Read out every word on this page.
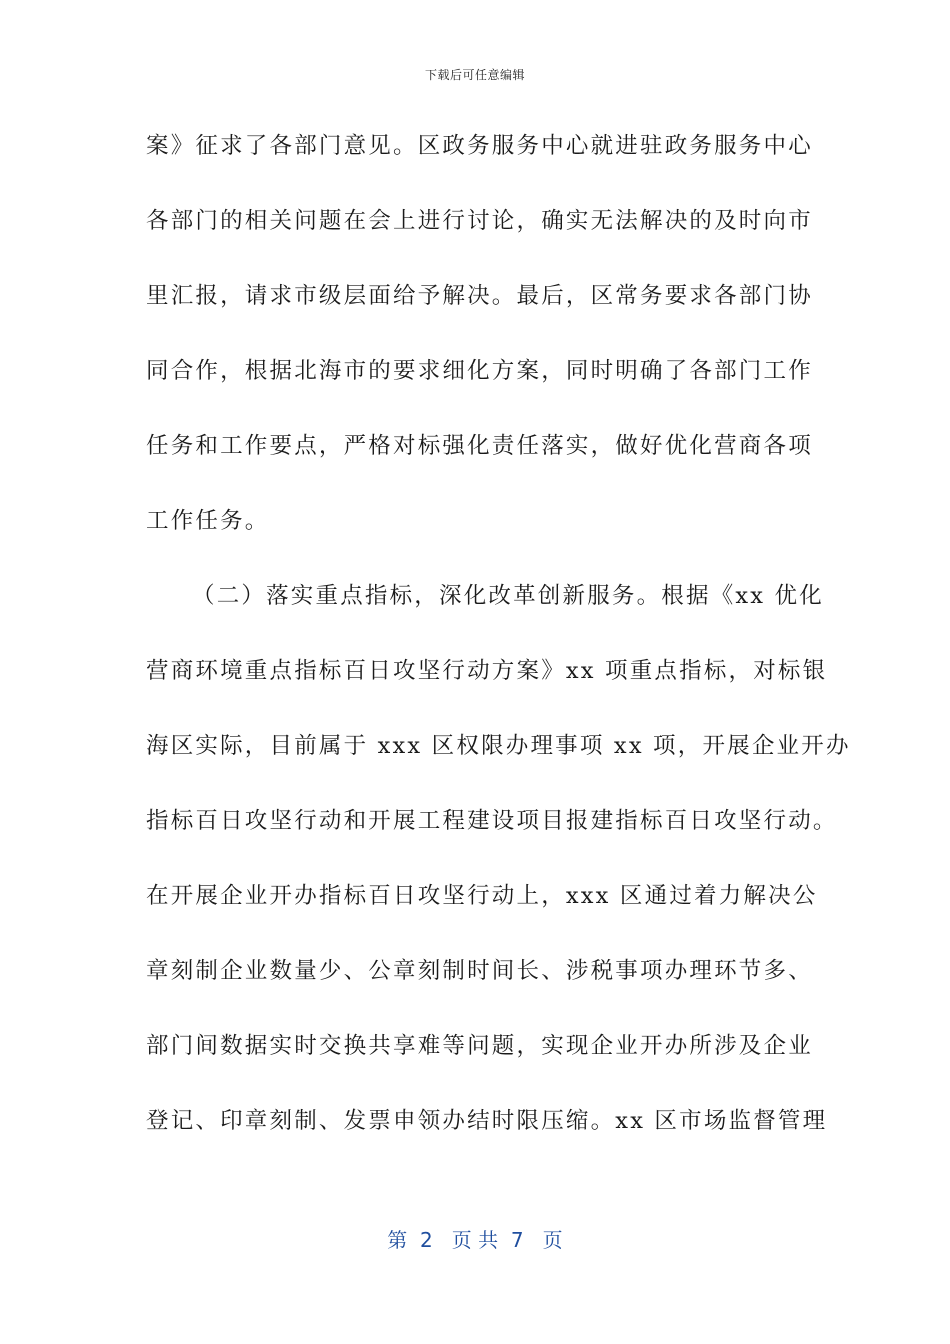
下载后可任意编辑
案》征求了各部门意见。区政务服务中心就进驻政务服务中心
各部门的相关问题在会上进行讨论，确实无法解决的及时向市
里汇报，请求市级层面给予解决。最后，区常务要求各部门协
同合作，根据北海市的要求细化方案，同时明确了各部门工作
任务和工作要点，严格对标强化责任落实，做好优化营商各项
工作任务。
（二）落实重点指标，深化改革创新服务。根据《xx 优化
营商环境重点指标百日攻坚行动方案》xx 项重点指标，对标银
海区实际，目前属于 xxx 区权限办理事项 xx 项，开展企业开办
指标百日攻坚行动和开展工程建设项目报建指标百日攻坚行动。
在开展企业开办指标百日攻坚行动上，xxx 区通过着力解决公
章刻制企业数量少、公章刻制时间长、涉税事项办理环节多、
部门间数据实时交换共享难等问题，实现企业开办所涉及企业
登记、印章刻制、发票申领办结时限压缩。xx 区市场监督管理
第  2   页 共  7   页
